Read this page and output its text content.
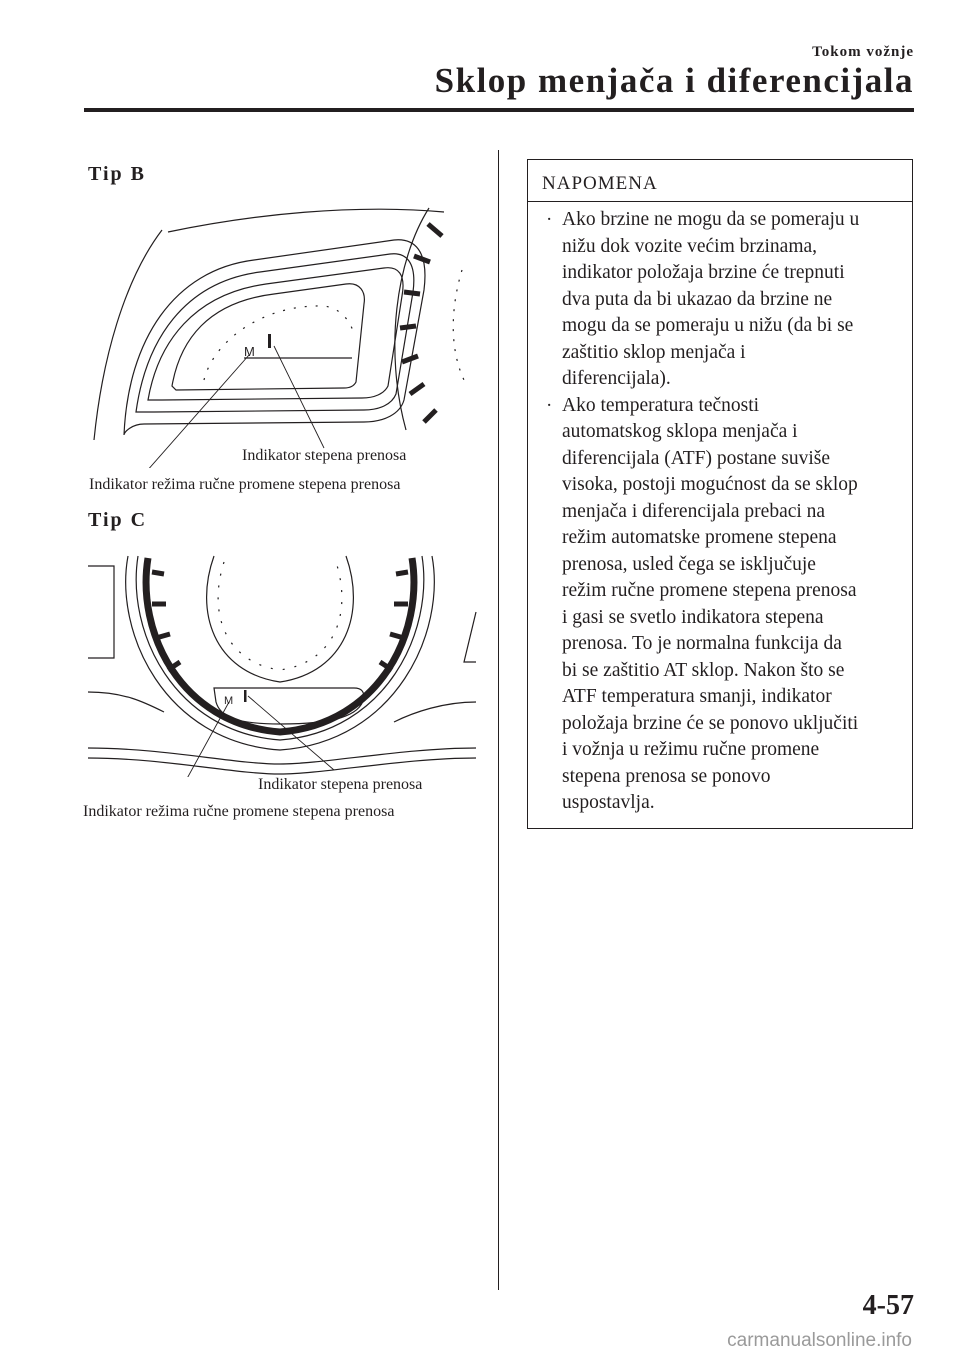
Tokom vožnje
Sklop menjača i diferencijala
Tip B
M
Indikator stepena prenosa
Indikator režima ručne promene stepena prenosa
Tip C
M
Indikator stepena prenosa
Indikator režima ručne promene stepena prenosa
NAPOMENA
· Ako brzine ne mogu da se pomeraju u
nižu dok vozite većim brzinama,
indikator položaja brzine će trepnuti
dva puta da bi ukazao da brzine ne
mogu da se pomeraju u nižu (da bi se
zaštitio sklop menjača i
diferencijala).
· Ako temperatura tečnosti
automatskog sklopa menjača i
diferencijala (ATF) postane suviše
visoka, postoji mogućnost da se sklop
menjača i diferencijala prebaci na
režim automatske promene stepena
prenosa, usled čega se isključuje
režim ručne promene stepena prenosa
i gasi se svetlo indikatora stepena
prenosa. To je normalna funkcija da
bi se zaštitio AT sklop. Nakon što se
ATF temperatura smanji, indikator
položaja brzine će se ponovo uključiti
i vožnja u režimu ručne promene
stepena prenosa se ponovo
uspostavlja.
4-57
carmanualsonline.info
